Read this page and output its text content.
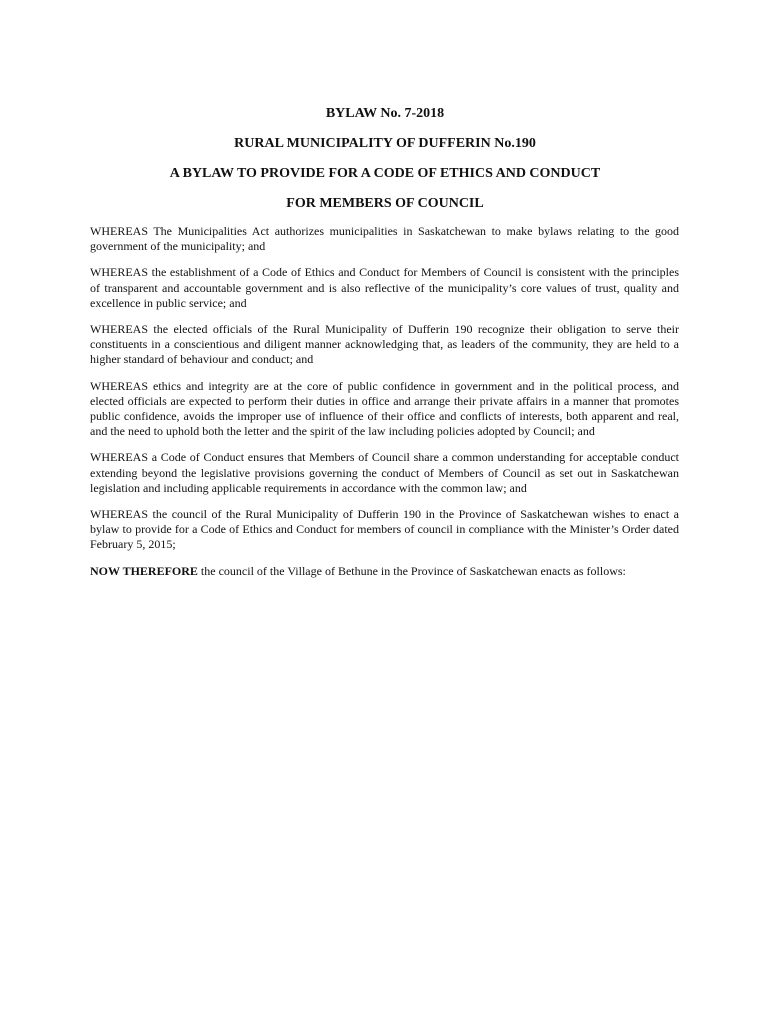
BYLAW No. 7-2018
RURAL MUNICIPALITY OF DUFFERIN No.190
A BYLAW TO PROVIDE FOR A CODE OF ETHICS AND CONDUCT
FOR MEMBERS OF COUNCIL

WHEREAS The Municipalities Act authorizes municipalities in Saskatchewan to make bylaws relating to the good government of the municipality; and

WHEREAS the establishment of a Code of Ethics and Conduct for Members of Council is consistent with the principles of transparent and accountable government and is also reflective of the municipality’s core values of trust, quality and excellence in public service; and

WHEREAS the elected officials of the Rural Municipality of Dufferin 190 recognize their obligation to serve their constituents in a conscientious and diligent manner acknowledging that, as leaders of the community, they are held to a higher standard of behaviour and conduct; and

WHEREAS ethics and integrity are at the core of public confidence in government and in the political process, and elected officials are expected to perform their duties in office and arrange their private affairs in a manner that promotes public confidence, avoids the improper use of influence of their office and conflicts of interests, both apparent and real, and the need to uphold both the letter and the spirit of the law including policies adopted by Council; and

WHEREAS a Code of Conduct ensures that Members of Council share a common understanding for acceptable conduct extending beyond the legislative provisions governing the conduct of Members of Council as set out in Saskatchewan legislation and including applicable requirements in accordance with the common law; and

WHEREAS the council of the Rural Municipality of Dufferin 190 in the Province of Saskatchewan wishes to enact a bylaw to provide for a Code of Ethics and Conduct for members of council in compliance with the Minister’s Order dated February 5, 2015;

NOW THEREFORE the council of the Village of Bethune in the Province of Saskatchewan enacts as follows:
